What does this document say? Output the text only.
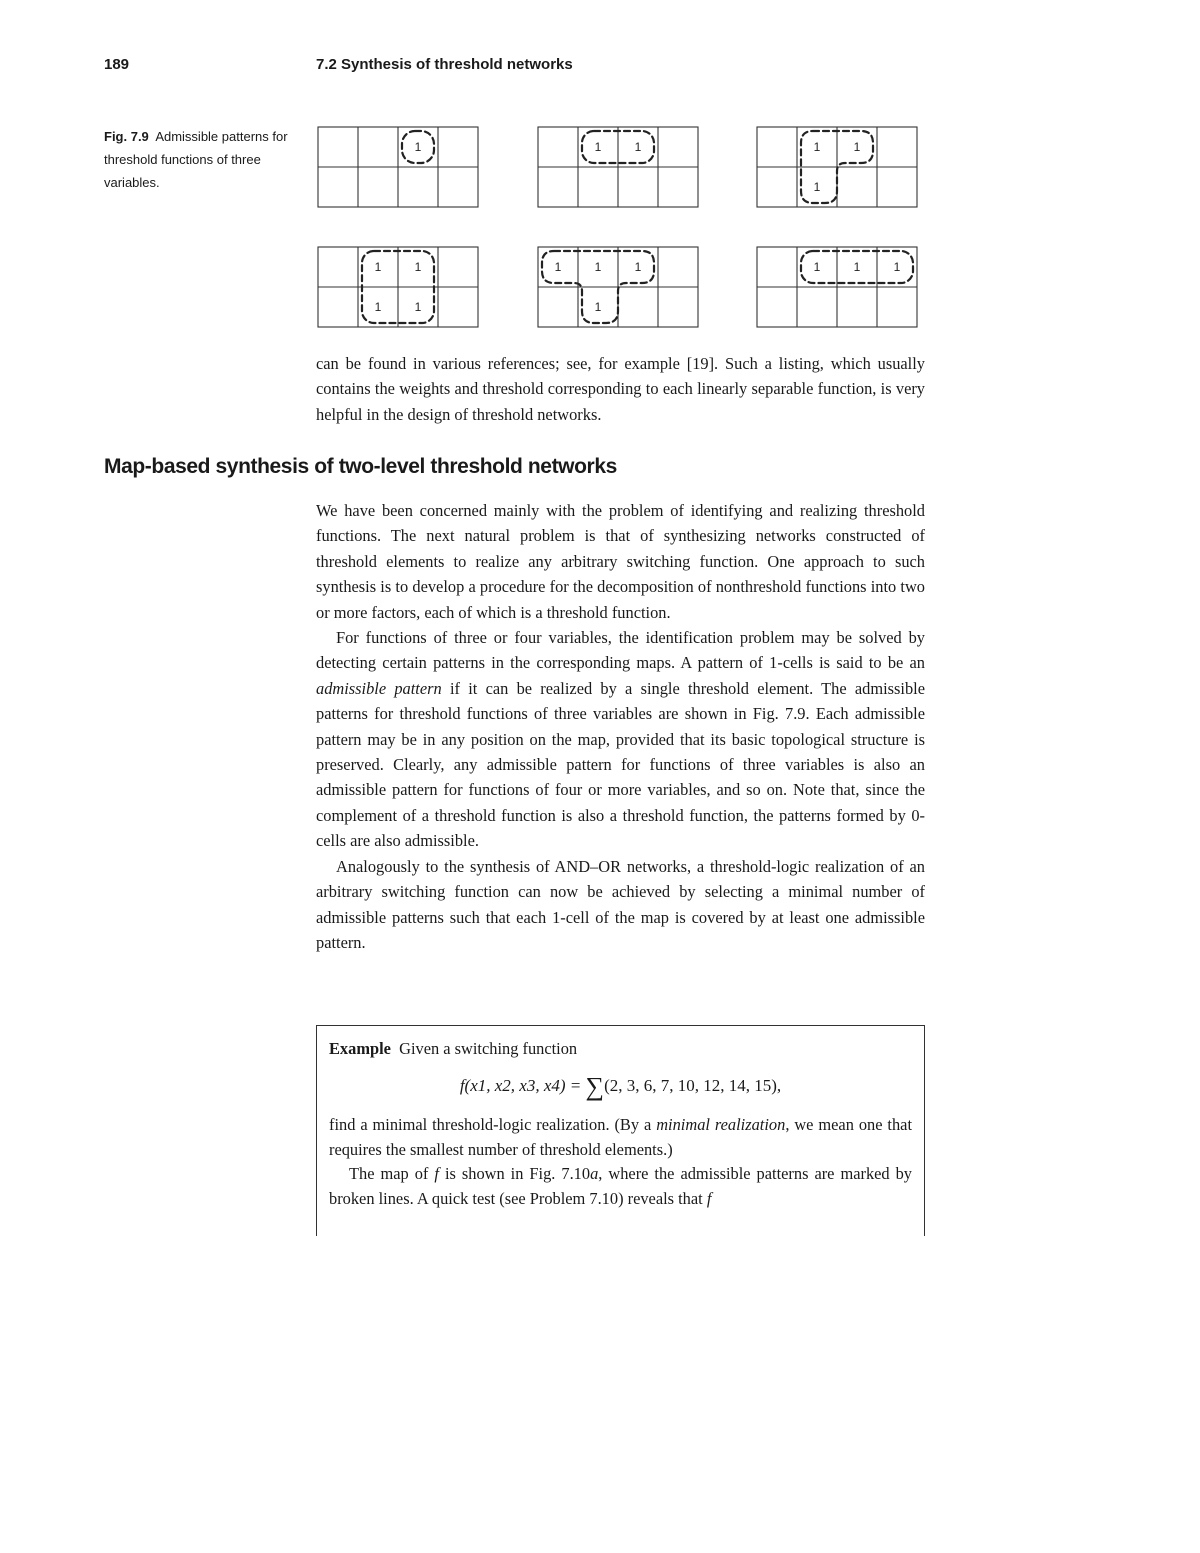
189	7.2 Synthesis of threshold networks
Fig. 7.9 Admissible patterns for threshold functions of three variables.
1	1	1	1	1
1
1	1
1	1
1	1	1
1
1	1	1

can be found in various references; see, for example [19]. Such a listing, which usually contains the weights and threshold corresponding to each linearly separable function, is very helpful in the design of threshold networks.

Map-based synthesis of two-level threshold networks

We have been concerned mainly with the problem of identifying and realizing threshold functions. The next natural problem is that of synthesizing networks constructed of threshold elements to realize any arbitrary switching function. One approach to such synthesis is to develop a procedure for the decomposition of nonthreshold functions into two or more factors, each of which is a threshold function.

For functions of three or four variables, the identification problem may be solved by detecting certain patterns in the corresponding maps. A pattern of 1-cells is said to be an admissible pattern if it can be realized by a single threshold element. The admissible patterns for threshold functions of three variables are shown in Fig. 7.9. Each admissible pattern may be in any position on the map, provided that its basic topological structure is preserved. Clearly, any admissible pattern for functions of three variables is also an admissible pattern for functions of four or more variables, and so on. Note that, since the complement of a threshold function is also a threshold function, the patterns formed by 0-cells are also admissible.

Analogously to the synthesis of AND–OR networks, a threshold-logic realization of an arbitrary switching function can now be achieved by selecting a minimal number of admissible patterns such that each 1-cell of the map is covered by at least one admissible pattern.

Example Given a switching function

f(x1, x2, x3, x4) = ∑(2, 3, 6, 7, 10, 12, 14, 15),

find a minimal threshold-logic realization. (By a minimal realization, we mean one that requires the smallest number of threshold elements.)

The map of f is shown in Fig. 7.10a, where the admissible patterns are marked by broken lines. A quick test (see Problem 7.10) reveals that f
